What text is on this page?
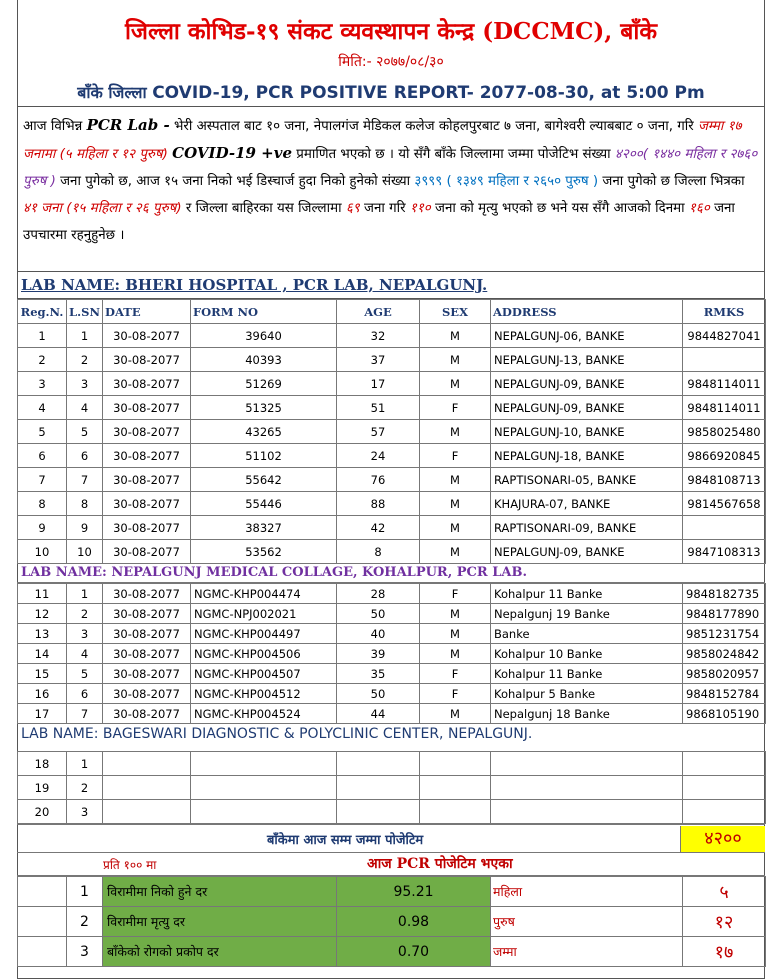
जिल्ला कोभिड-१९ संकट व्यवस्थापन केन्द्र (DCCMC), बाँके
मिति:- २०७७/०८/३०
बाँके जिल्ला COVID-19, PCR POSITIVE REPORT- 2077-08-30, at 5:00 Pm
आज विभिन्न PCR Lab - भेरी अस्पताल बाट १० जना, नेपालगंज मेडिकल कलेज कोहलपुरबाट ७ जना, बागेश्वरी ल्याबबाट ० जना, गरि जम्मा १७ जनामा (५ महिला र १२ पुरुष) COVID-19 +ve प्रमाणित भएको छ । यो सँगै बाँके जिल्लामा जम्मा पोजेटिभ संख्या ४२००( १४४० महिला र २७६० पुरुष ) जना पुगेको छ, आज १५ जना निको भई डिस्चार्ज हुदा निको हुनेको संख्या ३९९९ ( १३४९ महिला र २६५० पुरुष ) जना पुगेको छ जिल्ला भित्रका ४१ जना (१५ महिला र २६ पुरुष) र जिल्ला बाहिरका यस जिल्लामा ६९ जना गरि ११० जना को मृत्यु भएको छ भने यस सँगै आजको दिनमा १६० जना उपचारमा रहनुहुनेछ ।
LAB NAME: BHERI HOSPITAL , PCR LAB, NEPALGUNJ.
Reg.N.	L.SN	DATE	FORM NO	AGE	SEX	ADDRESS	RMKS
1	1	30-08-2077	39640	32	M	NEPALGUNJ-06, BANKE	9844827041
2	2	30-08-2077	40393	37	M	NEPALGUNJ-13, BANKE	
3	3	30-08-2077	51269	17	M	NEPALGUNJ-09, BANKE	9848114011
4	4	30-08-2077	51325	51	F	NEPALGUNJ-09, BANKE	9848114011
5	5	30-08-2077	43265	57	M	NEPALGUNJ-10, BANKE	9858025480
6	6	30-08-2077	51102	24	F	NEPALGUNJ-18, BANKE	9866920845
7	7	30-08-2077	55642	76	M	RAPTISONARI-05, BANKE	9848108713
8	8	30-08-2077	55446	88	M	KHAJURA-07, BANKE	9814567658
9	9	30-08-2077	38327	42	M	RAPTISONARI-09, BANKE	
10	10	30-08-2077	53562	8	M	NEPALGUNJ-09, BANKE	9847108313
LAB NAME: NEPALGUNJ MEDICAL COLLAGE, KOHALPUR, PCR LAB.
11	1	30-08-2077	NGMC-KHP004474	28	F	Kohalpur 11 Banke	9848182735
12	2	30-08-2077	NGMC-NPJ002021	50	M	Nepalgunj 19 Banke	9848177890
13	3	30-08-2077	NGMC-KHP004497	40	M	Banke	9851231754
14	4	30-08-2077	NGMC-KHP004506	39	M	Kohalpur 10 Banke	9858024842
15	5	30-08-2077	NGMC-KHP004507	35	F	Kohalpur 11 Banke	9858020957
16	6	30-08-2077	NGMC-KHP004512	50	F	Kohalpur 5 Banke	9848152784
17	7	30-08-2077	NGMC-KHP004524	44	M	Nepalgunj 18 Banke	9868105190
LAB NAME: BAGESWARI DIAGNOSTIC & POLYCLINIC CENTER, NEPALGUNJ.
18	1						
19	2						
20	3						
बाँकेमा आज सम्म जम्मा पोजेटिम	४२००
प्रति १०० मा	आज PCR पोजेटिम भएका
	1	विरामीमा निको हुने दर	95.21	महिला	५
	2	विरामीमा मृत्यु दर	0.98	पुरुष	१२
	3	बाँकेको रोगको प्रकोप दर	0.70	जम्मा	१७
